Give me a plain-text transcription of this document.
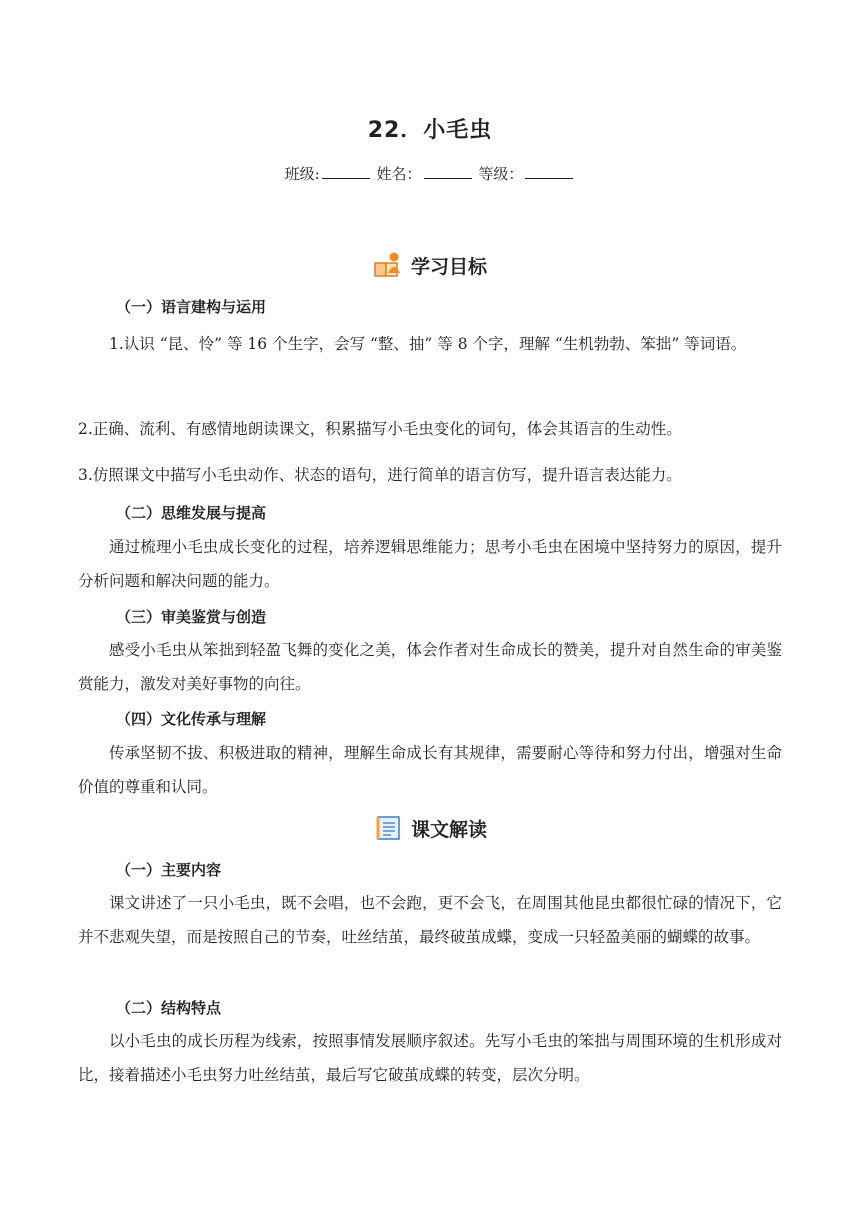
22．小毛虫
班级:	姓名：	等级：
学习目标
（一）语言建构与运用
1.认识 “昆、怜” 等 16 个生字，会写 “整、抽” 等 8 个字，理解 “生机勃勃、笨拙” 等词语。
2.正确、流利、有感情地朗读课文，积累描写小毛虫变化的词句，体会其语言的生动性。
3.仿照课文中描写小毛虫动作、状态的语句，进行简单的语言仿写，提升语言表达能力。
（二）思维发展与提高
通过梳理小毛虫成长变化的过程，培养逻辑思维能力；思考小毛虫在困境中坚持努力的原因，提升分析问题和解决问题的能力。
（三）审美鉴赏与创造
感受小毛虫从笨拙到轻盈飞舞的变化之美，体会作者对生命成长的赞美，提升对自然生命的审美鉴赏能力，激发对美好事物的向往。
（四）文化传承与理解
传承坚韧不拔、积极进取的精神，理解生命成长有其规律，需要耐心等待和努力付出，增强对生命价值的尊重和认同。
课文解读
（一）主要内容
课文讲述了一只小毛虫，既不会唱，也不会跑，更不会飞，在周围其他昆虫都很忙碌的情况下，它并不悲观失望，而是按照自己的节奏，吐丝结茧，最终破茧成蝶，变成一只轻盈美丽的蝴蝶的故事。
（二）结构特点
以小毛虫的成长历程为线索，按照事情发展顺序叙述。先写小毛虫的笨拙与周围环境的生机形成对比，接着描述小毛虫努力吐丝结茧，最后写它破茧成蝶的转变，层次分明。
